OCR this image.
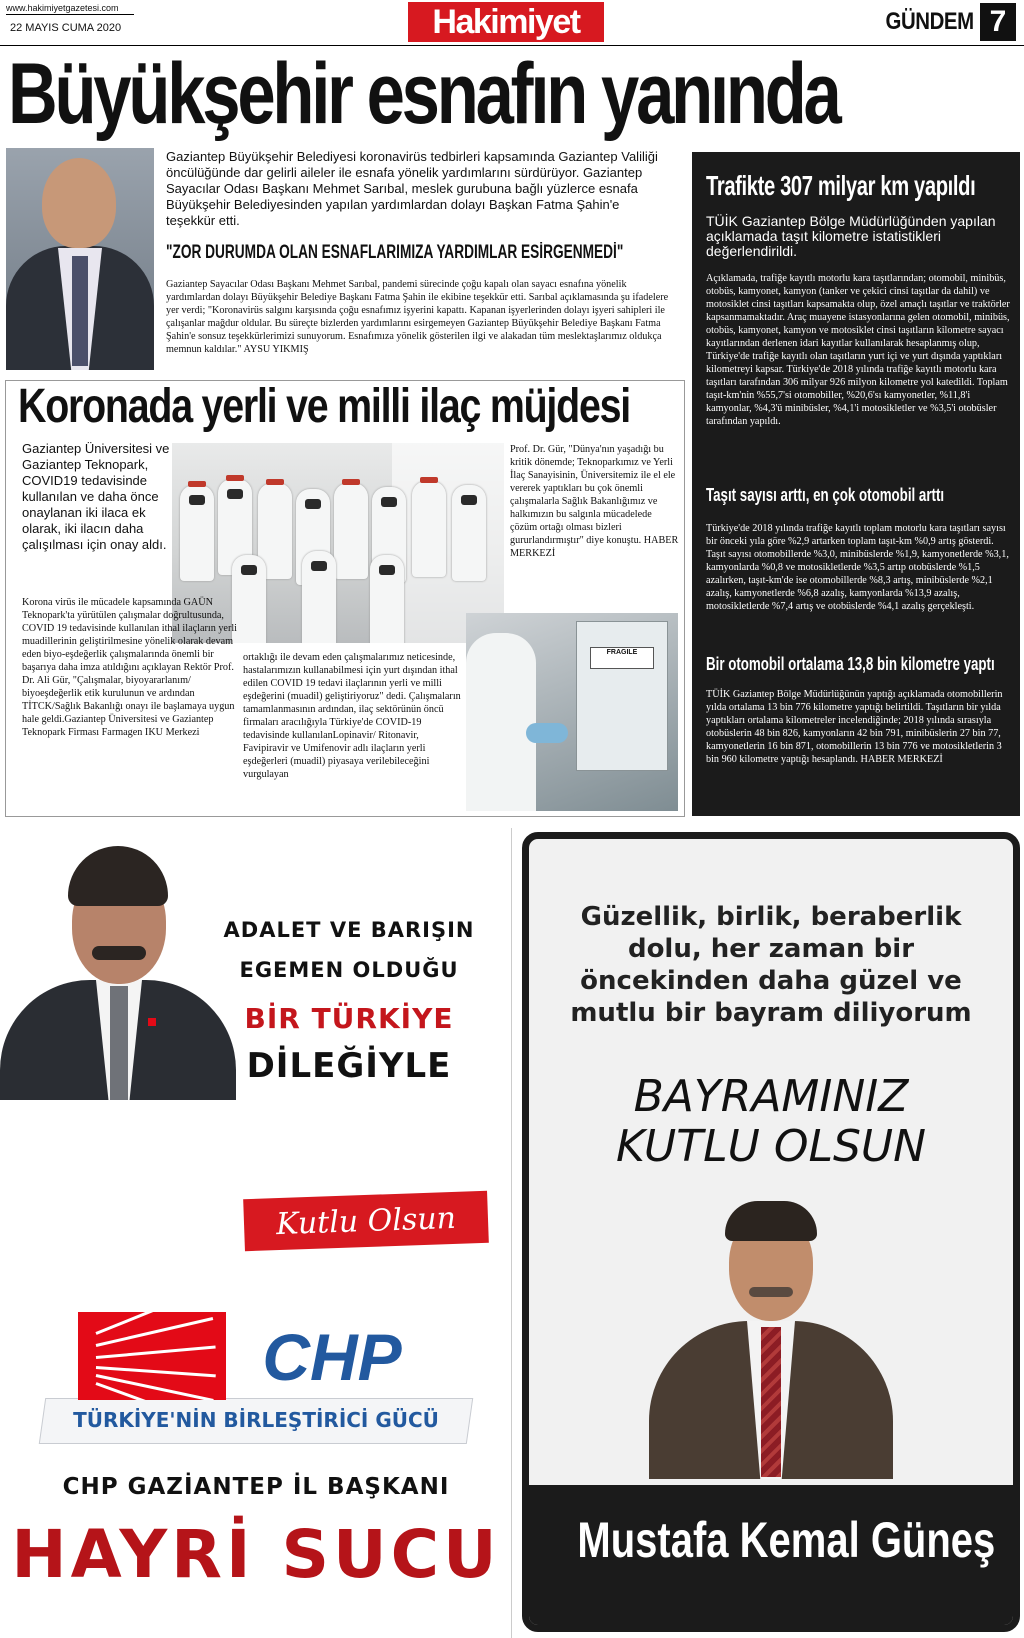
www.hakimiyetgazetesi.com
22 MAYIS CUMA 2020	Hakimiyet	GÜNDEM 7
Büyükşehir esnafın yanında

Gaziantep Büyükşehir Belediyesi koronavirüs tedbirleri kapsamında Gaziantep Valiliği öncülüğünde dar gelirli aileler ile esnafa yönelik yardımlarını sürdürüyor. Gaziantep Sayacılar Odası Başkanı Mehmet Sarıbal, meslek gurubuna bağlı yüzlerce esnafa Büyükşehir Belediyesinden yapılan yardımlardan dolayı Başkan Fatma Şahin'e teşekkür etti.

"ZOR DURUMDA OLAN ESNAFLARIMIZA YARDIMLAR ESİRGENMEDİ"

Gaziantep Sayacılar Odası Başkanı Mehmet Sarıbal, pandemi sürecinde çoğu kapalı olan sayacı esnafına yönelik yardımlardan dolayı Büyükşehir Belediye Başkanı Fatma Şahin ile ekibine teşekkür etti. Sarıbal açıklamasında şu ifadelere yer verdi; "Koronavirüs salgını karşısında çoğu esnafımız işyerini kapattı. Kapanan işyerlerinden dolayı işyeri sahipleri ile çalışanlar mağdur oldular. Bu süreçte bizlerden yardımlarını esirgemeyen Gaziantep Büyükşehir Belediye Başkanı Fatma Şahin'e sonsuz teşekkürlerimizi sunuyorum. Esnafımıza yönelik gösterilen ilgi ve alakadan tüm meslektaşlarımız oldukça memnun kaldılar." AYSU YIKMIŞ

Koronada yerli ve milli ilaç müjdesi

Gaziantep Üniversitesi ve Gaziantep Teknopark, COVID19 tedavisinde kullanılan ve daha önce onaylanan iki ilaca ek olarak, iki ilacın daha çalışılması için onay aldı.

FRAGILE

Korona virüs ile mücadele kapsamında GAÜN Teknopark'ta yürütülen çalışmalar doğrultusunda, COVID 19 tedavisinde kullanılan ithal ilaçların yerli muadillerinin geliştirilmesine yönelik olarak devam eden biyo-eşdeğerlik çalışmalarında önemli bir başarıya daha imza atıldığını açıklayan Rektör Prof. Dr. Ali Gür, "Çalışmalar, biyoyararlanım/ biyoeşdeğerlik etik kurulunun ve ardından TİTCK/Sağlık Bakanlığı onayı ile başlamaya uygun hale geldi.Gaziantep Üniversitesi ve Gaziantep Teknopark Firması Farmagen IKU Merkezi

ortaklığı ile devam eden çalışmalarımız neticesinde, hastalarımızın kullanabilmesi için yurt dışından ithal edilen COVID 19 tedavi ilaçlarının yerli ve milli eşdeğerini (muadil) geliştiriyoruz" dedi. Çalışmaların tamamlanmasının ardından, ilaç sektörünün öncü firmaları aracılığıyla Türkiye'de COVID-19 tedavisinde kullanılanLopinavir/ Ritonavir, Favipiravir ve Umifenovir adlı ilaçların yerli eşdeğerleri (muadil) piyasaya verilebileceğini vurgulayan

Prof. Dr. Gür, "Dünya'nın yaşadığı bu kritik dönemde; Teknoparkımız ve Yerli İlaç Sanayisinin, Üniversitemiz ile el ele vererek yaptıkları bu çok önemli çalışmalarla Sağlık Bakanlığımız ve halkımızın bu salgınla mücadelede çözüm ortağı olması bizleri gururlandırmıştır" diye konuştu. HABER MERKEZİ

Trafikte 307 milyar km yapıldı

TÜİK Gaziantep Bölge Müdürlüğünden yapılan açıklamada taşıt kilometre istatistikleri değerlendirildi.

Açıklamada, trafiğe kayıtlı motorlu kara taşıtlarından; otomobil, minibüs, otobüs, kamyonet, kamyon (tanker ve çekici cinsi taşıtlar da dahil) ve motosiklet cinsi taşıtları kapsamakta olup, özel amaçlı taşıtlar ve traktörler kapsanmamaktadır. Araç muayene istasyonlarına gelen otomobil, minibüs, otobüs, kamyonet, kamyon ve motosiklet cinsi taşıtların kilometre sayacı kayıtlarından derlenen idari kayıtlar kullanılarak hesaplanmış olup, Türkiye'de trafiğe kayıtlı olan taşıtların yurt içi ve yurt dışında yaptıkları kilometreyi kapsar. Türkiye'de 2018 yılında trafiğe kayıtlı motorlu kara taşıtları tarafından 306 milyar 926 milyon kilometre yol katedildi. Toplam taşıt-km'nin %55,7'si otomobiller, %20,6'sı kamyonetler, %11,8'i kamyonlar, %4,3'ü minibüsler, %4,1'i motosikletler ve %3,5'i otobüsler tarafından yapıldı.

Taşıt sayısı arttı, en çok otomobil arttı

Türkiye'de 2018 yılında trafiğe kayıtlı toplam motorlu kara taşıtları sayısı bir önceki yıla göre %2,9 artarken toplam taşıt-km %0,9 artış gösterdi. Taşıt sayısı otomobillerde %3,0, minibüslerde %1,9, kamyonetlerde %3,1, kamyonlarda %0,8 ve motosikletlerde %3,5 artıp otobüslerde %1,5 azalırken, taşıt-km'de ise otomobillerde %8,3 artış, minibüslerde %2,1 azalış, kamyonetlerde %6,8 azalış, kamyonlarda %13,9 azalış, motosikletlerde %7,4 artış ve otobüslerde %4,1 azalış gerçekleşti.

Bir otomobil ortalama 13,8 bin kilometre yaptı

TÜİK Gaziantep Bölge Müdürlüğünün yaptığı açıklamada otomobillerin yılda ortalama 13 bin 776 kilometre yaptığı belirtildi. Taşıtların bir yılda yaptıkları ortalama kilometreler incelendiğinde; 2018 yılında sırasıyla otobüslerin 48 bin 826, kamyonların 42 bin 791, minibüslerin 27 bin 77, kamyonetlerin 16 bin 871, otomobillerin 13 bin 776 ve motosikletlerin 3 bin 960 kilometre yaptığı hesaplandı. HABER MERKEZİ

ADALET VE BARIŞIN
EGEMEN OLDUĞU
BİR TÜRKİYE
DİLEĞİYLE
Kutlu Olsun
CHP
TÜRKİYE'NİN BİRLEŞTİRİCİ GÜCÜ
CHP GAZİANTEP İL BAŞKANI
HAYRİ SUCU

Güzellik, birlik, beraberlik dolu, her zaman bir öncekinden daha güzel ve mutlu bir bayram diliyorum

BAYRAMINIZ
KUTLU OLSUN
Mustafa Kemal Güneş
